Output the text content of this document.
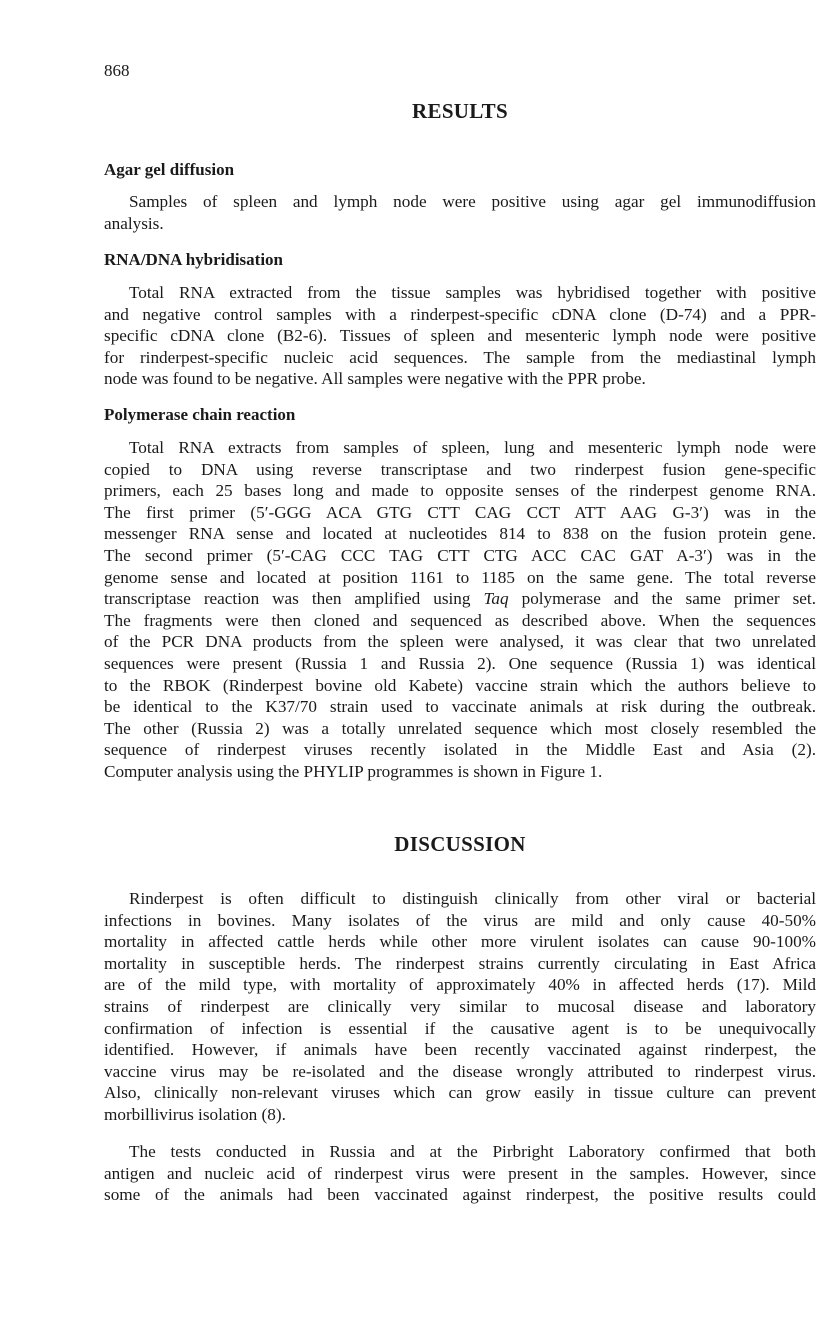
868
RESULTS
Agar gel diffusion
Samples of spleen and lymph node were positive using agar gel immunodiffusion
analysis.
RNA/DNA hybridisation
Total RNA extracted from the tissue samples was hybridised together with positive
and negative control samples with a rinderpest-specific cDNA clone (D-74) and a PPR-
specific cDNA clone (B2-6). Tissues of spleen and mesenteric lymph node were positive
for rinderpest-specific nucleic acid sequences. The sample from the mediastinal lymph
node was found to be negative. All samples were negative with the PPR probe.
Polymerase chain reaction
Total RNA extracts from samples of spleen, lung and mesenteric lymph node were
copied to DNA using reverse transcriptase and two rinderpest fusion gene-specific
primers, each 25 bases long and made to opposite senses of the rinderpest genome RNA.
The first primer (5′-GGG ACA GTG CTT CAG CCT ATT AAG G-3′) was in the
messenger RNA sense and located at nucleotides 814 to 838 on the fusion protein gene.
The second primer (5′-CAG CCC TAG CTT CTG ACC CAC GAT A-3′) was in the
genome sense and located at position 1161 to 1185 on the same gene. The total reverse
transcriptase reaction was then amplified using Taq polymerase and the same primer set.
The fragments were then cloned and sequenced as described above. When the sequences
of the PCR DNA products from the spleen were analysed, it was clear that two unrelated
sequences were present (Russia 1 and Russia 2). One sequence (Russia 1) was identical
to the RBOK (Rinderpest bovine old Kabete) vaccine strain which the authors believe to
be identical to the K37/70 strain used to vaccinate animals at risk during the outbreak.
The other (Russia 2) was a totally unrelated sequence which most closely resembled the
sequence of rinderpest viruses recently isolated in the Middle East and Asia (2).
Computer analysis using the PHYLIP programmes is shown in Figure 1.
DISCUSSION
Rinderpest is often difficult to distinguish clinically from other viral or bacterial
infections in bovines. Many isolates of the virus are mild and only cause 40-50%
mortality in affected cattle herds while other more virulent isolates can cause 90-100%
mortality in susceptible herds. The rinderpest strains currently circulating in East Africa
are of the mild type, with mortality of approximately 40% in affected herds (17). Mild
strains of rinderpest are clinically very similar to mucosal disease and laboratory
confirmation of infection is essential if the causative agent is to be unequivocally
identified. However, if animals have been recently vaccinated against rinderpest, the
vaccine virus may be re-isolated and the disease wrongly attributed to rinderpest virus.
Also, clinically non-relevant viruses which can grow easily in tissue culture can prevent
morbillivirus isolation (8).
The tests conducted in Russia and at the Pirbright Laboratory confirmed that both
antigen and nucleic acid of rinderpest virus were present in the samples. However, since
some of the animals had been vaccinated against rinderpest, the positive results could
